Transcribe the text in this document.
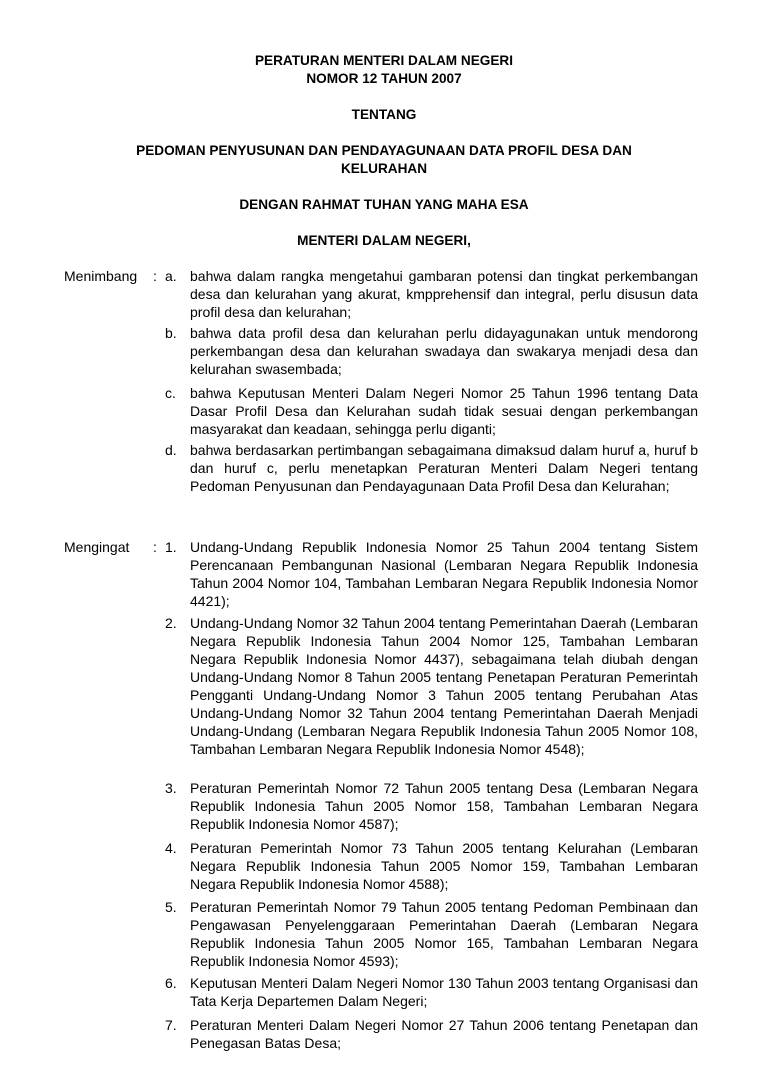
PERATURAN MENTERI DALAM NEGERI
NOMOR 12 TAHUN 2007
TENTANG
PEDOMAN PENYUSUNAN DAN PENDAYAGUNAAN DATA PROFIL DESA DAN
KELURAHAN
DENGAN RAHMAT TUHAN YANG MAHA ESA
MENTERI DALAM NEGERI,
Menimbang : a. bahwa dalam rangka mengetahui gambaran potensi dan tingkat perkembangan desa dan kelurahan yang akurat, kmpprehensif dan integral, perlu disusun data profil desa dan kelurahan;
b. bahwa data profil desa dan kelurahan perlu didayagunakan untuk mendorong perkembangan desa dan kelurahan swadaya dan swakarya menjadi desa dan kelurahan swasembada;
c. bahwa Keputusan Menteri Dalam Negeri Nomor 25 Tahun 1996 tentang Data Dasar Profil Desa dan Kelurahan sudah tidak sesuai dengan perkembangan masyarakat dan keadaan, sehingga perlu diganti;
d. bahwa berdasarkan pertimbangan sebagaimana dimaksud dalam huruf a, huruf b dan huruf c, perlu menetapkan Peraturan Menteri Dalam Negeri tentang Pedoman Penyusunan dan Pendayagunaan Data Profil Desa dan Kelurahan;
Mengingat : 1. Undang-Undang Republik Indonesia Nomor 25 Tahun 2004 tentang Sistem Perencanaan Pembangunan Nasional (Lembaran Negara Republik Indonesia Tahun 2004 Nomor 104, Tambahan Lembaran Negara Republik Indonesia Nomor 4421);
2. Undang-Undang Nomor 32 Tahun 2004 tentang Pemerintahan Daerah (Lembaran Negara Republik Indonesia Tahun 2004 Nomor 125, Tambahan Lembaran Negara Republik Indonesia Nomor 4437), sebagaimana telah diubah dengan Undang-Undang Nomor 8 Tahun 2005 tentang Penetapan Peraturan Pemerintah Pengganti Undang-Undang Nomor 3 Tahun 2005 tentang Perubahan Atas Undang-Undang Nomor 32 Tahun 2004 tentang Pemerintahan Daerah Menjadi Undang-Undang (Lembaran Negara Republik Indonesia Tahun 2005 Nomor 108, Tambahan Lembaran Negara Republik Indonesia Nomor 4548);
3. Peraturan Pemerintah Nomor 72 Tahun 2005 tentang Desa (Lembaran Negara Republik Indonesia Tahun 2005 Nomor 158, Tambahan Lembaran Negara Republik Indonesia Nomor 4587);
4. Peraturan Pemerintah Nomor 73 Tahun 2005 tentang Kelurahan (Lembaran Negara Republik Indonesia Tahun 2005 Nomor 159, Tambahan Lembaran Negara Republik Indonesia Nomor 4588);
5. Peraturan Pemerintah Nomor 79 Tahun 2005 tentang Pedoman Pembinaan dan Pengawasan Penyelenggaraan Pemerintahan Daerah (Lembaran Negara Republik Indonesia Tahun 2005 Nomor 165, Tambahan Lembaran Negara Republik Indonesia Nomor 4593);
6. Keputusan Menteri Dalam Negeri Nomor 130 Tahun 2003 tentang Organisasi dan Tata Kerja Departemen Dalam Negeri;
7. Peraturan Menteri Dalam Negeri Nomor 27 Tahun 2006 tentang Penetapan dan Penegasan Batas Desa;
